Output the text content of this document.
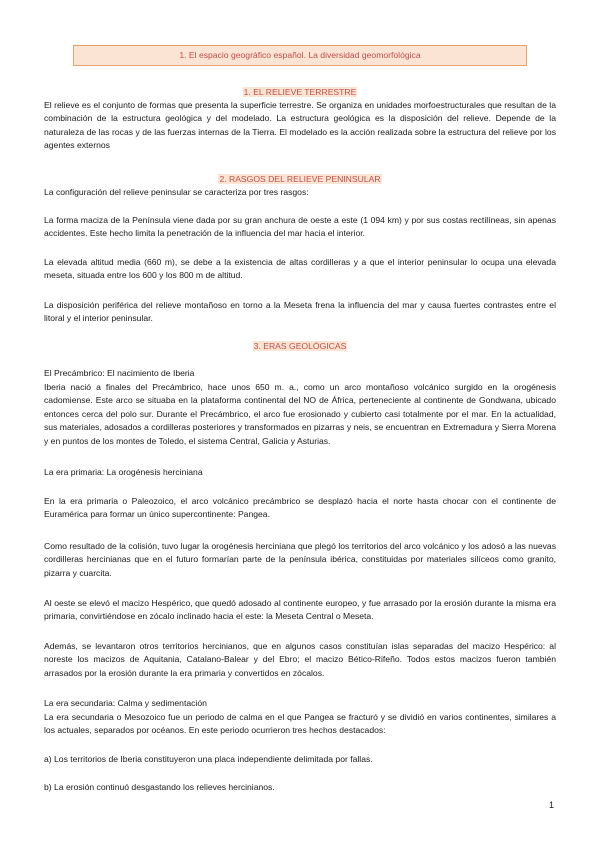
1. El espacio geográfico español. La diversidad geomorfológica
1. EL RELIEVE TERRESTRE

El relieve es el conjunto de formas que presenta la superficie terrestre. Se organiza en unidades morfoestructurales que resultan de la combinación de la estructura geológica y del modelado. La estructura geológica es la disposición del relieve. Depende de la naturaleza de las rocas y de las fuerzas internas de la Tierra. El modelado es la acción realizada sobre la estructura del relieve por los agentes externos

2. RASGOS DEL RELIEVE PENINSULAR

La configuración del relieve peninsular se caracteriza por tres rasgos:

La forma maciza de la Península viene dada por su gran anchura de oeste a este (1 094 km) y por sus costas rectilíneas, sin apenas accidentes. Este hecho limita la penetración de la influencia del mar hacia el interior.

La elevada altitud media (660 m), se debe a la existencia de altas cordilleras y a que el interior peninsular lo ocupa una elevada meseta, situada entre los 600 y los 800 m de altitud.

La disposición periférica del relieve montañoso en torno a la Meseta frena la influencia del mar y causa fuertes contrastes entre el litoral y el interior peninsular.

3. ERAS GEOLÓGICAS

El Precámbrico: El nacimiento de Iberia

Iberia nació a finales del Precámbrico, hace unos 650 m. a., como un arco montañoso volcánico surgido en la orogénesis cadomiense. Este arco se situaba en la plataforma continental del NO de África, perteneciente al continente de Gondwana, ubicado entonces cerca del polo sur. Durante el Precámbrico, el arco fue erosionado y cubierto casi totalmente por el mar. En la actualidad, sus materiales, adosados a cordilleras posteriores y transformados en pizarras y neis, se encuentran en Extremadura y Sierra Morena y en puntos de los montes de Toledo, el sistema Central, Galicia y Asturias.

La era primaria: La orogénesis herciniana

En la era primaria o Paleozoico, el arco volcánico precámbrico se desplazó hacia el norte hasta chocar con el continente de Euramérica para formar un único supercontinente: Pangea.

Como resultado de la colisión, tuvo lugar la orogénesis herciniana que plegó los territorios del arco volcánico y los adosó a las nuevas cordilleras hercinianas que en el futuro formarían parte de la península ibérica, constituidas por materiales silíceos como granito, pizarra y cuarcita.

Al oeste se elevó el macizo Hespérico, que quedó adosado al continente europeo, y fue arrasado por la erosión durante la misma era primaria, convirtiéndose en zócalo inclinado hacia el este: la Meseta Central o Meseta.

Además, se levantaron otros territorios hercinianos, que en algunos casos constituían islas separadas del macizo Hespérico: al noreste los macizos de Aquitania, Catalano-Balear y del Ebro; el macizo Bético-Rifeño. Todos estos macizos fueron también arrasados por la erosión durante la era primaria y convertidos en zócalos.

La era secundaria: Calma y sedimentación

La era secundaria o Mesozoico fue un periodo de calma en el que Pangea se fracturó y se dividió en varios continentes, similares a los actuales, separados por océanos. En este periodo ocurrieron tres hechos destacados:

a) Los territorios de Iberia constituyeron una placa independiente delimitada por fallas.

b) La erosión continuó desgastando los relieves hercinianos.

1
